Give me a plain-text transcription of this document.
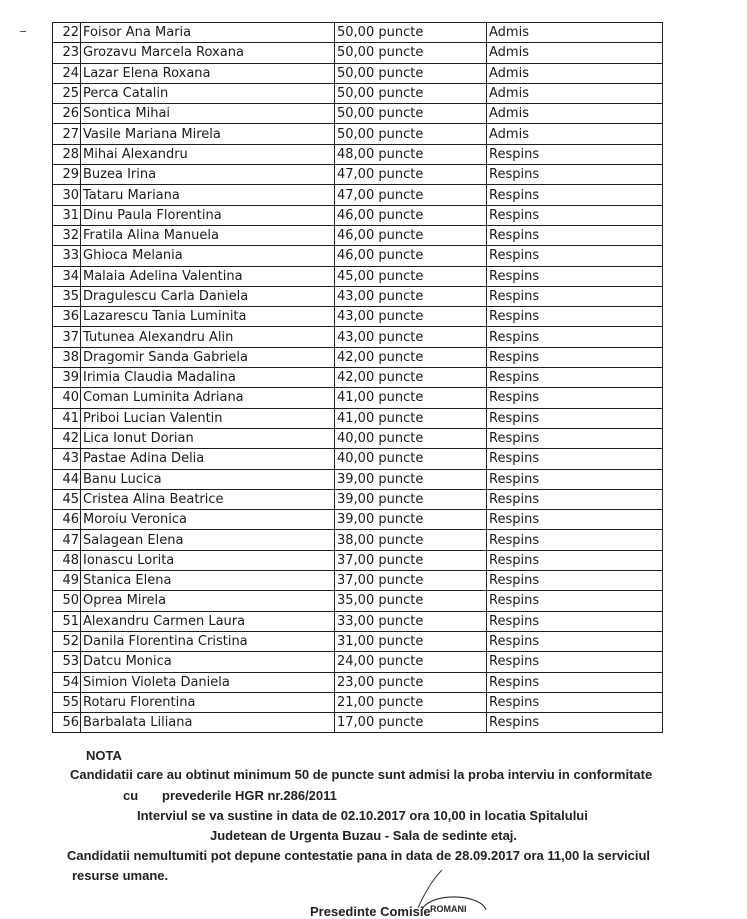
22	Foisor Ana Maria	50,00 puncte	Admis
23	Grozavu Marcela Roxana	50,00 puncte	Admis
24	Lazar Elena Roxana	50,00 puncte	Admis
25	Perca Catalin	50,00 puncte	Admis
26	Sontica Mihai	50,00 puncte	Admis
27	Vasile Mariana Mirela	50,00 puncte	Admis
28	Mihai Alexandru	48,00 puncte	Respins
29	Buzea Irina	47,00 puncte	Respins
30	Tataru Mariana	47,00 puncte	Respins
31	Dinu Paula Florentina	46,00 puncte	Respins
32	Fratila Alina Manuela	46,00 puncte	Respins
33	Ghioca Melania	46,00 puncte	Respins
34	Malaia Adelina Valentina	45,00 puncte	Respins
35	Dragulescu Carla Daniela	43,00 puncte	Respins
36	Lazarescu Tania Luminita	43,00 puncte	Respins
37	Tutunea Alexandru Alin	43,00 puncte	Respins
38	Dragomir Sanda Gabriela	42,00 puncte	Respins
39	Irimia Claudia Madalina	42,00 puncte	Respins
40	Coman Luminita Adriana	41,00 puncte	Respins
41	Priboi Lucian Valentin	41,00 puncte	Respins
42	Lica Ionut Dorian	40,00 puncte	Respins
43	Pastae Adina Delia	40,00 puncte	Respins
44	Banu Lucica	39,00 puncte	Respins
45	Cristea Alina Beatrice	39,00 puncte	Respins
46	Moroiu Veronica	39,00 puncte	Respins
47	Salagean Elena	38,00 puncte	Respins
48	Ionascu Lorita	37,00 puncte	Respins
49	Stanica Elena	37,00 puncte	Respins
50	Oprea Mirela	35,00 puncte	Respins
51	Alexandru Carmen Laura	33,00 puncte	Respins
52	Danila Florentina Cristina	31,00 puncte	Respins
53	Datcu Monica	24,00 puncte	Respins
54	Simion Violeta Daniela	23,00 puncte	Respins
55	Rotaru Florentina	21,00 puncte	Respins
56	Barbalata Liliana	17,00 puncte	Respins
NOTA
Candidatii care au obtinut minimum 50 de puncte sunt admisi la proba interviu in conformitate
cu prevederile HGR nr.286/2011
Interviul se va sustine in data de 02.10.2017 ora 10,00 in locatia Spitalului
Judetean de Urgenta Buzau - Sala de sedinte etaj.
Candidatii nemultumiti pot depune contestatie pana in data de 28.09.2017 ora 11,00 la serviciul
resurse umane.
ROMANI
Presedinte Comisie
